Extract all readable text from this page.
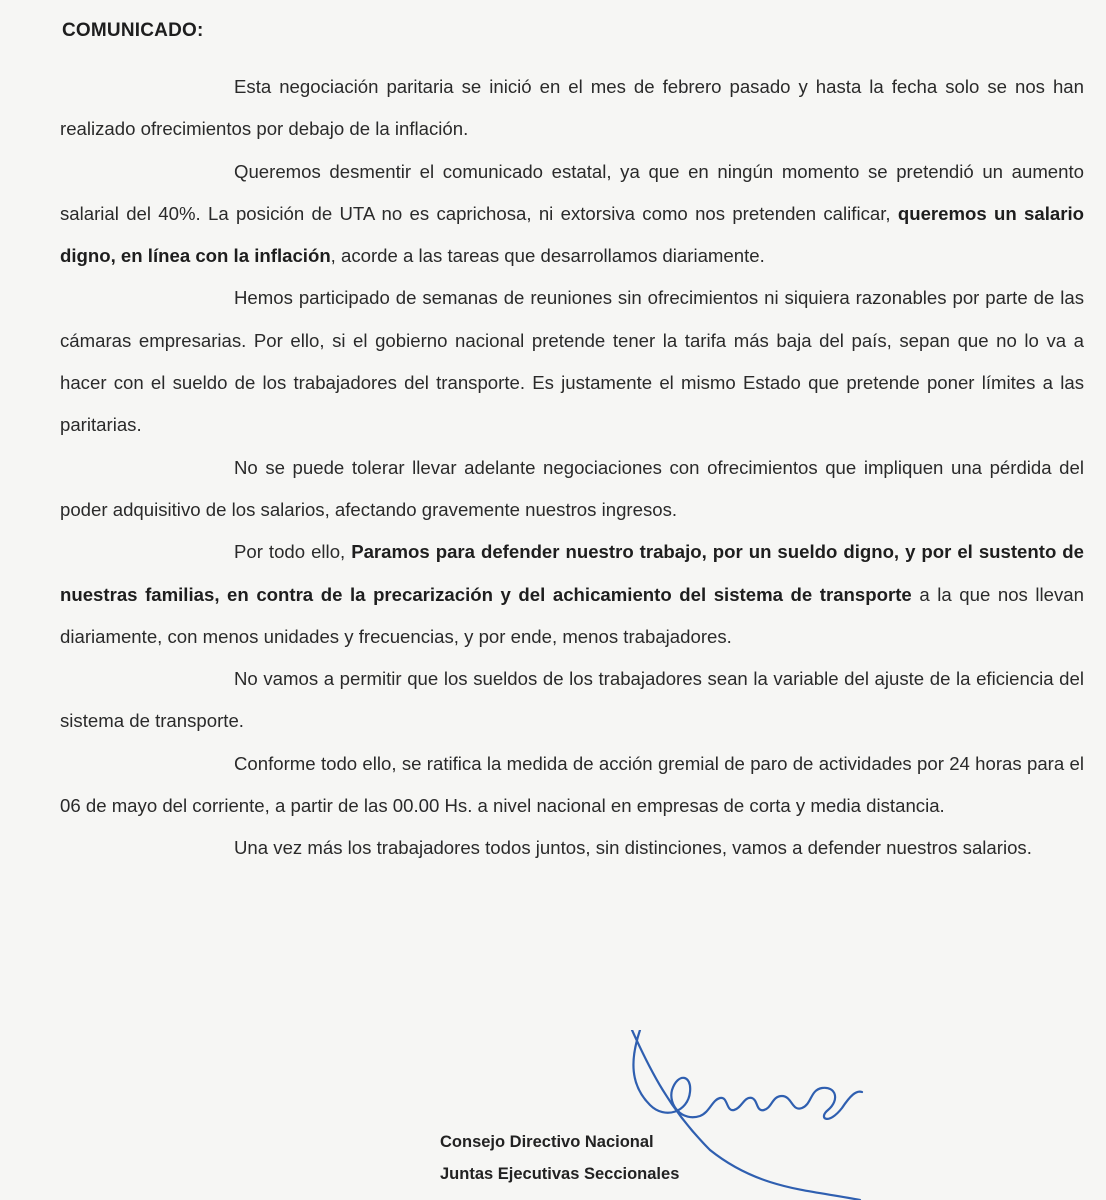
COMUNICADO:

Esta negociación paritaria se inició en el mes de febrero pasado y hasta la fecha solo se nos han realizado ofrecimientos por debajo de la inflación.

Queremos desmentir el comunicado estatal, ya que en ningún momento se pretendió un aumento salarial del 40%. La posición de UTA no es caprichosa, ni extorsiva como nos pretenden calificar, queremos un salario digno, en línea con la inflación, acorde a las tareas que desarrollamos diariamente.

Hemos participado de semanas de reuniones sin ofrecimientos ni siquiera razonables por parte de las cámaras empresarias. Por ello, si el gobierno nacional pretende tener la tarifa más baja del país, sepan que no lo va a hacer con el sueldo de los trabajadores del transporte. Es justamente el mismo Estado que pretende poner límites a las paritarias.

No se puede tolerar llevar adelante negociaciones con ofrecimientos que impliquen una pérdida del poder adquisitivo de los salarios, afectando gravemente nuestros ingresos.

Por todo ello, Paramos para defender nuestro trabajo, por un sueldo digno, y por el sustento de nuestras familias, en contra de la precarización y del achicamiento del sistema de transporte a la que nos llevan diariamente, con menos unidades y frecuencias, y por ende, menos trabajadores.

No vamos a permitir que los sueldos de los trabajadores sean la variable del ajuste de la eficiencia del sistema de transporte.

Conforme todo ello, se ratifica la medida de acción gremial de paro de actividades por 24 horas para el 06 de mayo del corriente, a partir de las 00.00 Hs. a nivel nacional en empresas de corta y media distancia.

Una vez más los trabajadores todos juntos, sin distinciones, vamos a defender nuestros salarios.

Consejo Directivo Nacional
Juntas Ejecutivas Seccionales
